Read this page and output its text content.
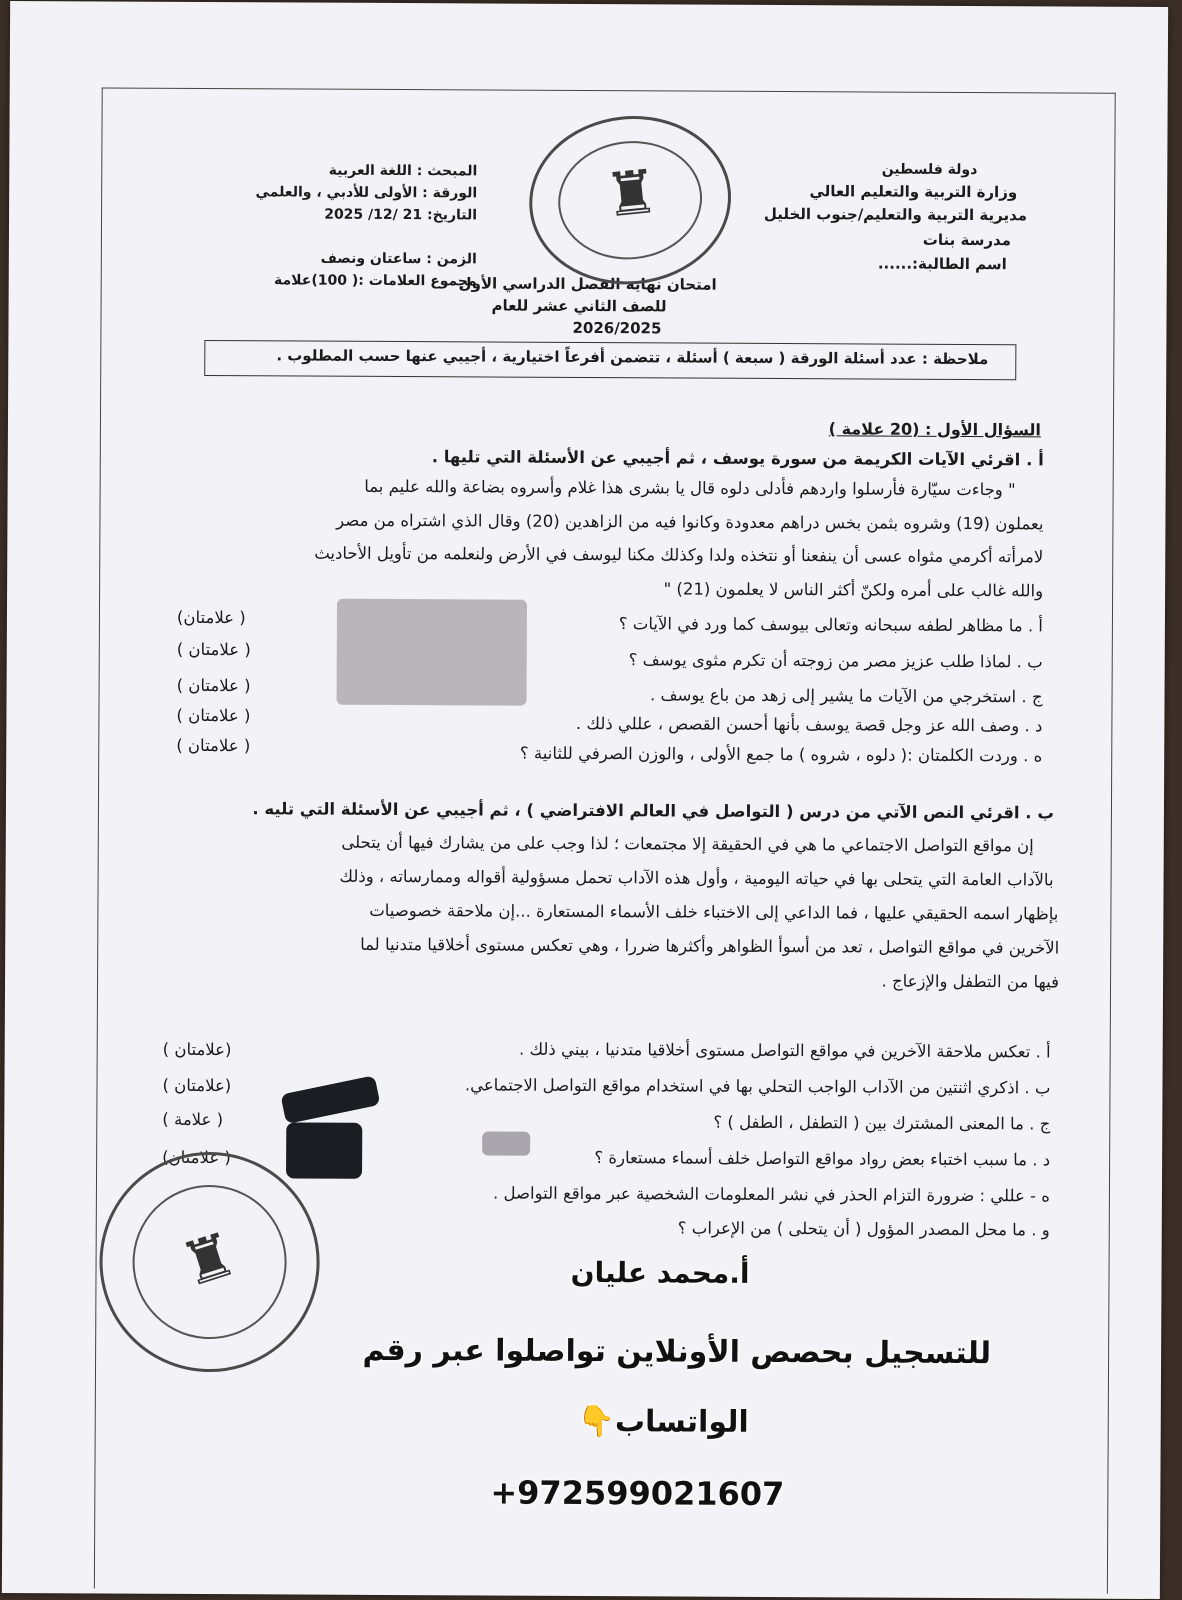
دولة فلسطين
وزارة التربية والتعليم العالي
مديرية التربية والتعليم/جنوب الخليل
مدرسة بنات
اسم الطالبة:......
المبحث : اللغة العربية
الورقة : الأولى للأدبي ، والعلمي
التاريخ: 21 /12/ 2025
الزمن : ساعتان ونصف
مجموع العلامات :( 100)علامة
امتحان نهاية الفصل الدراسي الأول
للصف الثاني عشر للعام
2026/2025
♜
ملاحظة : عدد أسئلة الورقة ( سبعة ) أسئلة ، تتضمن أفرعاً اختيارية ، أجيبي عنها حسب المطلوب .
السؤال الأول : (20 علامة )
أ . اقرئي الآيات الكريمة من سورة يوسف ، ثم أجيبي عن الأسئلة التي تليها .
" وجاءت سيّارة فأرسلوا واردهم فأدلى دلوه قال يا بشرى هذا غلام وأسروه بضاعة والله عليم بما
يعملون (19) وشروه بثمن بخس دراهم معدودة وكانوا فيه من الزاهدين (20) وقال الذي اشتراه من مصر
لامرأته أكرمي مثواه عسى أن ينفعنا أو نتخذه ولدا وكذلك مكنا ليوسف في الأرض ولنعلمه من تأويل الأحاديث
والله غالب على أمره ولكنّ أكثر الناس لا يعلمون (21) "
أ . ما مظاهر لطفه سبحانه وتعالى بيوسف كما ورد في الآيات ؟
( علامتان)
ب . لماذا طلب عزيز مصر من زوجته أن تكرم مثوى يوسف ؟
( علامتان )
ج . استخرجي من الآيات ما يشير إلى زهد من باع يوسف .
( علامتان )
د . وصف الله عز وجل قصة يوسف بأنها أحسن القصص ، عللي ذلك .
( علامتان )
ه . وردت الكلمتان :( دلوه ، شروه ) ما جمع الأولى ، والوزن الصرفي للثانية ؟
( علامتان )
ب . اقرئي النص الآتي من درس ( التواصل في العالم الافتراضي ) ، ثم أجيبي عن الأسئلة التي تليه .
إن مواقع التواصل الاجتماعي ما هي في الحقيقة إلا مجتمعات ؛ لذا وجب على من يشارك فيها أن يتحلى
بالآداب العامة التي يتحلى بها في حياته اليومية ، وأول هذه الآداب تحمل مسؤولية أقواله وممارساته ، وذلك
بإظهار اسمه الحقيقي عليها ، فما الداعي إلى الاختباء خلف الأسماء المستعارة ...إن ملاحقة خصوصيات
الآخرين في مواقع التواصل ، تعد من أسوأ الظواهر وأكثرها ضررا ، وهي تعكس مستوى أخلاقيا متدنيا لما
فيها من التطفل والإزعاج .
أ . تعكس ملاحقة الآخرين في مواقع التواصل مستوى أخلاقيا متدنيا ، بيني ذلك .
(علامتان )
ب . اذكري اثنتين من الآداب الواجب التحلي بها في استخدام مواقع التواصل الاجتماعي.
(علامتان )
ج . ما المعنى المشترك بين ( التطفل ، الطفل ) ؟
( علامة )
د . ما سبب اختباء بعض رواد مواقع التواصل خلف أسماء مستعارة ؟
( علامتان)
ه - عللي : ضرورة التزام الحذر في نشر المعلومات الشخصية عبر مواقع التواصل .
و . ما محل المصدر المؤول ( أن يتحلى ) من الإعراب ؟
♜	أ.محمد عليان
للتسجيل بحصص الأونلاين تواصلوا عبر رقم
الواتساب👇
+972599021607
